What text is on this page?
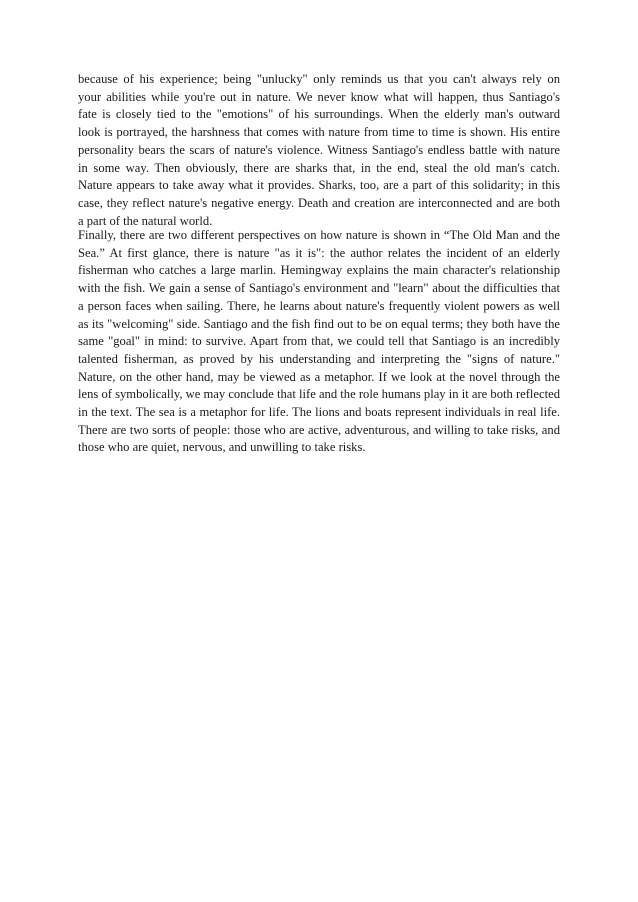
because of his experience; being "unlucky" only reminds us that you can't always rely on
your abilities while you're out in nature. We never know what will happen, thus Santiago's
fate is closely tied to the "emotions" of his surroundings. When the elderly man's outward
look is portrayed, the harshness that comes with nature from time to time is shown. His entire
personality bears the scars of nature's violence. Witness Santiago's endless battle with nature
in some way. Then obviously, there are sharks that, in the end, steal the old man's catch.
Nature appears to take away what it provides. Sharks, too, are a part of this solidarity; in this
case, they reflect nature's negative energy. Death and creation are interconnected and are both
a part of the natural world.
Finally, there are two different perspectives on how nature is shown in “The Old Man and the
Sea.” At first glance, there is nature "as it is": the author relates the incident of an elderly
fisherman who catches a large marlin. Hemingway explains the main character's relationship
with the fish. We gain a sense of Santiago's environment and "learn" about the difficulties that
a person faces when sailing. There, he learns about nature's frequently violent powers as well
as its "welcoming" side. Santiago and the fish find out to be on equal terms; they both have the
same "goal" in mind: to survive. Apart from that, we could tell that Santiago is an incredibly
talented fisherman, as proved by his understanding and interpreting the "signs of nature."
Nature, on the other hand, may be viewed as a metaphor. If we look at the novel through the
lens of symbolically, we may conclude that life and the role humans play in it are both reflected
in the text. The sea is a metaphor for life. The lions and boats represent individuals in real life.
There are two sorts of people: those who are active, adventurous, and willing to take risks, and
those who are quiet, nervous, and unwilling to take risks.
